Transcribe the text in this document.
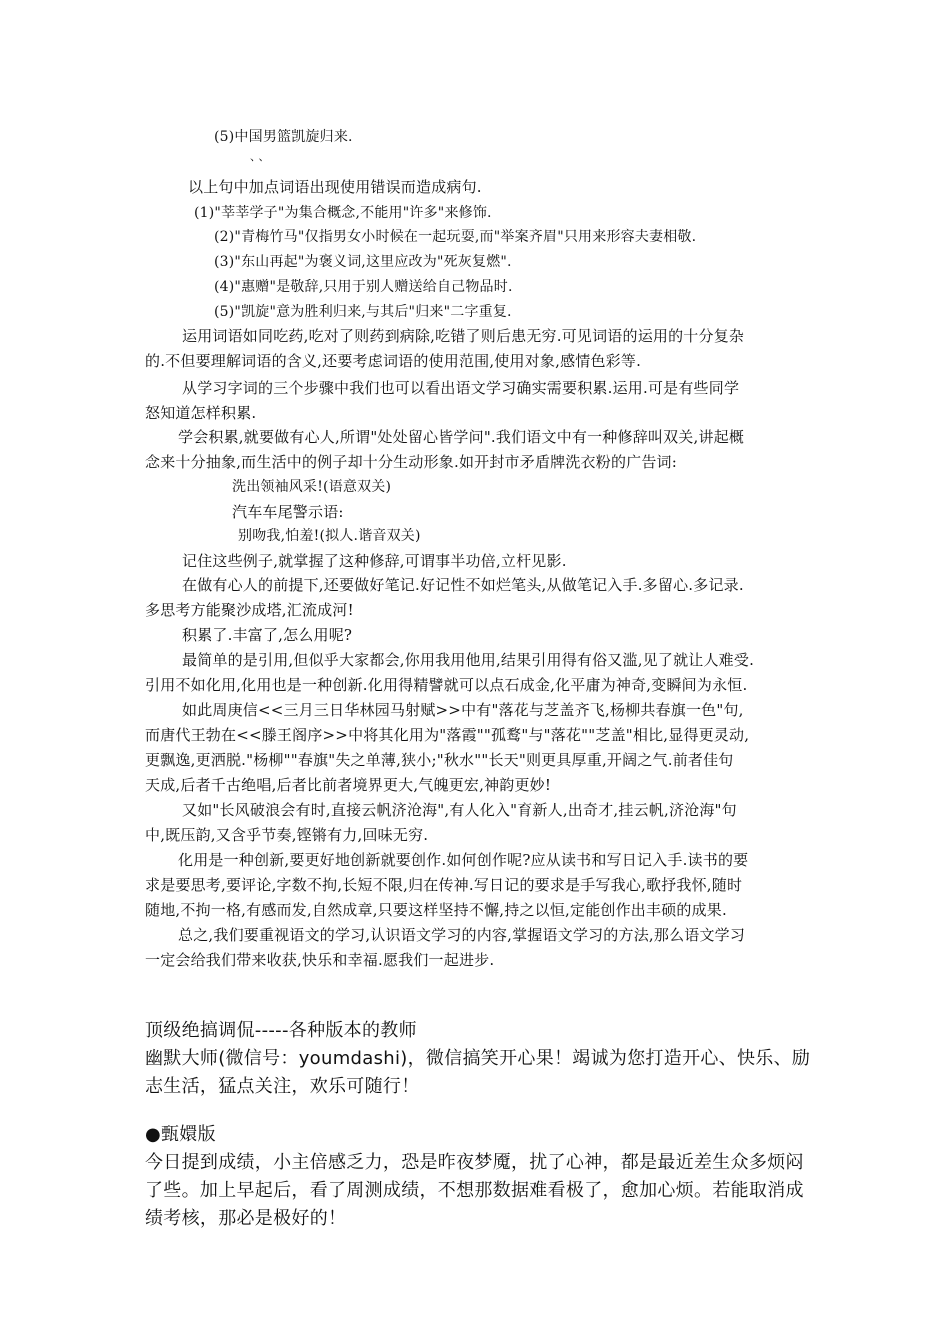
(5)中国男篮凯旋归来.
、、
以上句中加点词语出现使用错误而造成病句.
(1)"莘莘学子"为集合概念,不能用"许多"来修饰.
(2)"青梅竹马"仅指男女小时候在一起玩耍,而"举案齐眉"只用来形容夫妻相敬.
(3)"东山再起"为褒义词,这里应改为"死灰复燃".
(4)"惠赠"是敬辞,只用于别人赠送给自己物品时.
(5)"凯旋"意为胜利归来,与其后"归来"二字重复.
运用词语如同吃药,吃对了则药到病除,吃错了则后患无穷.可见词语的运用的十分复杂
的.不但要理解词语的含义,还要考虑词语的使用范围,使用对象,感情色彩等.
从学习字词的三个步骤中我们也可以看出语文学习确实需要积累.运用.可是有些同学
怒知道怎样积累.
学会积累,就要做有心人,所谓"处处留心皆学问".我们语文中有一种修辞叫双关,讲起概
念来十分抽象,而生活中的例子却十分生动形象.如开封市矛盾牌洗衣粉的广告词:
洗出领袖风采!(语意双关)
汽车车尾警示语:
别吻我,怕羞!(拟人.谐音双关)
记住这些例子,就掌握了这种修辞,可谓事半功倍,立杆见影.
在做有心人的前提下,还要做好笔记.好记性不如烂笔头,从做笔记入手.多留心.多记录.
多思考方能聚沙成塔,汇流成河!
积累了.丰富了,怎么用呢?
最简单的是引用,但似乎大家都会,你用我用他用,结果引用得有俗又滥,见了就让人难受.
引用不如化用,化用也是一种创新.化用得精譬就可以点石成金,化平庸为神奇,变瞬间为永恒.
如此周庚信<<三月三日华林园马射赋>>中有"落花与芝盖齐飞,杨柳共春旗一色"句,
而唐代王勃在<<滕王阁序>>中将其化用为"落霞""孤鹜"与"落花""芝盖"相比,显得更灵动,
更飘逸,更洒脱."杨柳""春旗"失之单薄,狭小;"秋水""长天"则更具厚重,开阔之气.前者佳句
天成,后者千古绝唱,后者比前者境界更大,气魄更宏,神韵更妙!
又如"长风破浪会有时,直接云帆济沧海",有人化入"育新人,出奇才,挂云帆,济沧海"句
中,既压韵,又含乎节奏,铿锵有力,回味无穷.
化用是一种创新,要更好地创新就要创作.如何创作呢?应从读书和写日记入手.读书的要
求是要思考,要评论,字数不拘,长短不限,归在传神.写日记的要求是手写我心,歌抒我怀,随时
随地,不拘一格,有感而发,自然成章,只要这样坚持不懈,持之以恒,定能创作出丰硕的成果.
总之,我们要重视语文的学习,认识语文学习的内容,掌握语文学习的方法,那么语文学习
一定会给我们带来收获,快乐和幸福.愿我们一起进步.
顶级绝搞调侃-----各种版本的教师
幽默大师(微信号：youmdashi)，微信搞笑开心果！竭诚为您打造开心、快乐、励
志生活，猛点关注，欢乐可随行！
●甄嬛版
今日提到成绩，小主倍感乏力，恐是昨夜梦魇，扰了心神，都是最近差生众多烦闷
了些。加上早起后，看了周测成绩，不想那数据难看极了，愈加心烦。若能取消成
绩考核，那必是极好的！
